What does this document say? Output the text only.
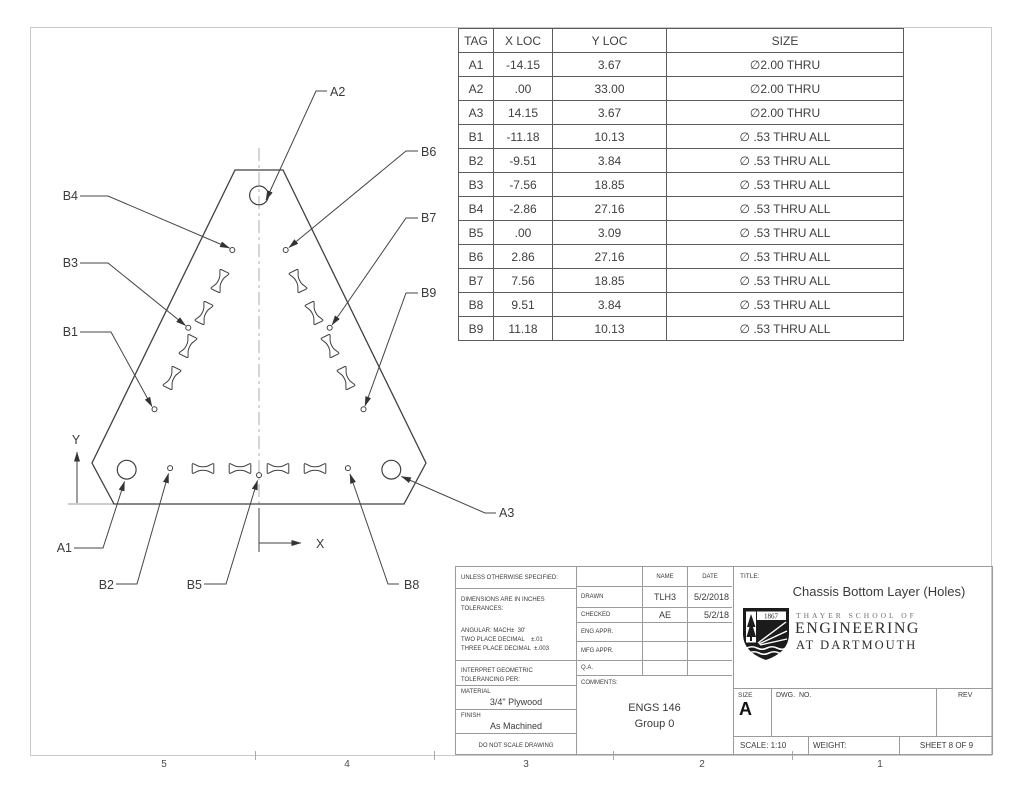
Y
X
A2
B6
B7
B9
B4
B3
B1
A1
B2	B5	B8
A3
5	4	3	2	1
TAG	X LOC	Y LOC	SIZE
A1	-14.15	3.67	∅2.00 THRU
A2	.00	33.00	∅2.00 THRU
A3	14.15	3.67	∅2.00 THRU
B1	-11.18	10.13	∅ .53 THRU ALL
B2	-9.51	3.84	∅ .53 THRU ALL
B3	-7.56	18.85	∅ .53 THRU ALL
B4	-2.86	27.16	∅ .53 THRU ALL
B5	.00	3.09	∅ .53 THRU ALL
B6	2.86	27.16	∅ .53 THRU ALL
B7	7.56	18.85	∅ .53 THRU ALL
B8	9.51	3.84	∅ .53 THRU ALL
B9	11.18	10.13	∅ .53 THRU ALL
UNLESS OTHERWISE SPECIFIED:
DIMENSIONS ARE IN INCHES
TOLERANCES:
ANGULAR: MACH±  30'
TWO PLACE DECIMAL    ±.01
THREE PLACE DECIMAL  ±.003
INTERPRET GEOMETRIC
TOLERANCING PER:
MATERIAL
3/4" Plywood
FINISH
As Machined
DO NOT SCALE DRAWING
NAME	DATE
DRAWN	TLH3	5/2/2018
CHECKED	AE	5/2/18
ENG APPR.
MFG APPR.
Q.A.
COMMENTS:
ENGS 146
Group 0
TITLE:
Chassis Bottom Layer (Holes)
1867 THAYER SCHOOL OF
ENGINEERING
AT DARTMOUTH
SIZE
A
DWG.  NO.	REV
SCALE: 1:10	WEIGHT:	SHEET 8 OF 9
